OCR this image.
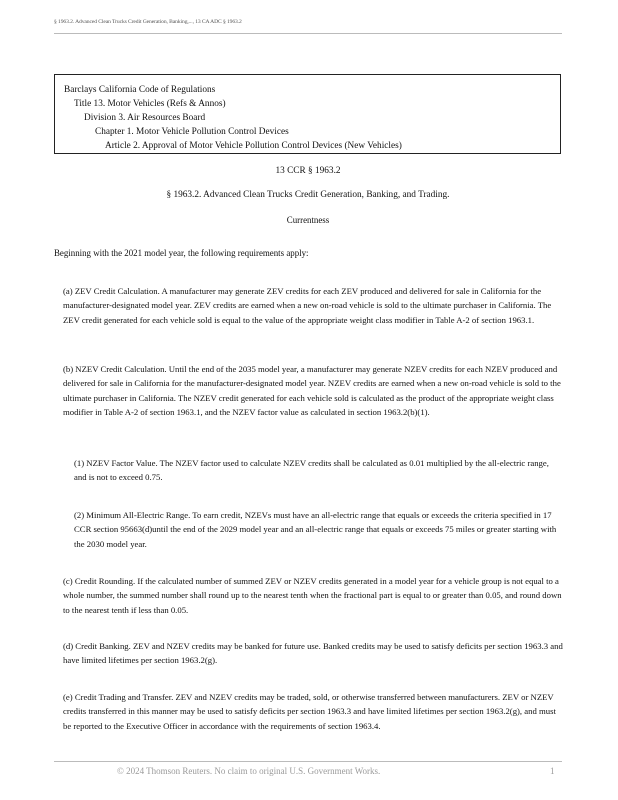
§ 1963.2. Advanced Clean Trucks Credit Generation, Banking,..., 13 CA ADC § 1963.2
Barclays California Code of Regulations
Title 13. Motor Vehicles (Refs & Annos)
Division 3. Air Resources Board
Chapter 1. Motor Vehicle Pollution Control Devices
Article 2. Approval of Motor Vehicle Pollution Control Devices (New Vehicles)
13 CCR § 1963.2
§ 1963.2. Advanced Clean Trucks Credit Generation, Banking, and Trading.
Currentness
Beginning with the 2021 model year, the following requirements apply:
(a) ZEV Credit Calculation. A manufacturer may generate ZEV credits for each ZEV produced and delivered for sale in California for the manufacturer-designated model year. ZEV credits are earned when a new on-road vehicle is sold to the ultimate purchaser in California. The ZEV credit generated for each vehicle sold is equal to the value of the appropriate weight class modifier in Table A-2 of section 1963.1.
(b) NZEV Credit Calculation. Until the end of the 2035 model year, a manufacturer may generate NZEV credits for each NZEV produced and delivered for sale in California for the manufacturer-designated model year. NZEV credits are earned when a new on-road vehicle is sold to the ultimate purchaser in California. The NZEV credit generated for each vehicle sold is calculated as the product of the appropriate weight class modifier in Table A-2 of section 1963.1, and the NZEV factor value as calculated in section 1963.2(b)(1).
(1) NZEV Factor Value. The NZEV factor used to calculate NZEV credits shall be calculated as 0.01 multiplied by the all-electric range, and is not to exceed 0.75.
(2) Minimum All-Electric Range. To earn credit, NZEVs must have an all-electric range that equals or exceeds the criteria specified in 17 CCR section 95663(d)until the end of the 2029 model year and an all-electric range that equals or exceeds 75 miles or greater starting with the 2030 model year.
(c) Credit Rounding. If the calculated number of summed ZEV or NZEV credits generated in a model year for a vehicle group is not equal to a whole number, the summed number shall round up to the nearest tenth when the fractional part is equal to or greater than 0.05, and round down to the nearest tenth if less than 0.05.
(d) Credit Banking. ZEV and NZEV credits may be banked for future use. Banked credits may be used to satisfy deficits per section 1963.3 and have limited lifetimes per section 1963.2(g).
(e) Credit Trading and Transfer. ZEV and NZEV credits may be traded, sold, or otherwise transferred between manufacturers. ZEV or NZEV credits transferred in this manner may be used to satisfy deficits per section 1963.3 and have limited lifetimes per section 1963.2(g), and must be reported to the Executive Officer in accordance with the requirements of section 1963.4.
© 2024 Thomson Reuters. No claim to original U.S. Government Works.	1
